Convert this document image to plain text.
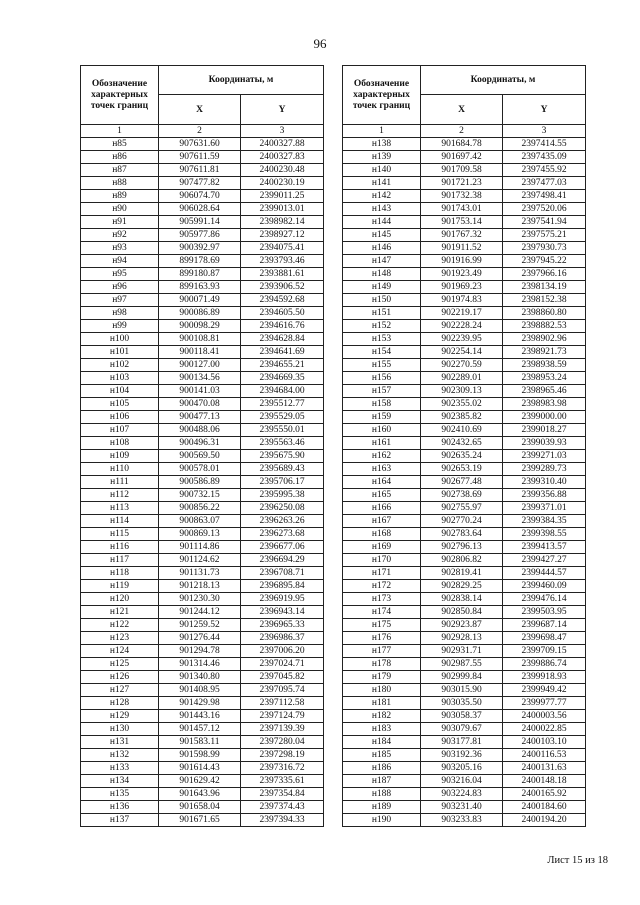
96
Обозначение характерных точек границ	Координаты, м			Обозначение характерных точек границ	Координаты, м	
	X	Y			X	Y
1	2	3		1	2	3
н85	907631.60	2400327.88		н138	901684.78	2397414.55
н86	907611.59	2400327.83		н139	901697.42	2397435.09
н87	907611.81	2400230.48		н140	901709.58	2397455.92
н88	907477.82	2400230.19		н141	901721.23	2397477.03
н89	906074.70	2399011.25		н142	901732.38	2397498.41
н90	906028.64	2399013.01		н143	901743.01	2397520.06
н91	905991.14	2398982.14		н144	901753.14	2397541.94
н92	905977.86	2398927.12		н145	901767.32	2397575.21
н93	900392.97	2394075.41		н146	901911.52	2397930.73
н94	899178.69	2393793.46		н147	901916.99	2397945.22
н95	899180.87	2393881.61		н148	901923.49	2397966.16
н96	899163.93	2393906.52		н149	901969.23	2398134.19
н97	900071.49	2394592.68		н150	901974.83	2398152.38
н98	900086.89	2394605.50		н151	902219.17	2398860.80
н99	900098.29	2394616.76		н152	902228.24	2398882.53
н100	900108.81	2394628.84		н153	902239.95	2398902.96
н101	900118.41	2394641.69		н154	902254.14	2398921.73
н102	900127.00	2394655.21		н155	902270.59	2398938.59
н103	900134.56	2394669.35		н156	902289.01	2398953.24
н104	900141.03	2394684.00		н157	902309.13	2398965.46
н105	900470.08	2395512.77		н158	902355.02	2398983.98
н106	900477.13	2395529.05		н159	902385.82	2399000.00
н107	900488.06	2395550.01		н160	902410.69	2399018.27
н108	900496.31	2395563.46		н161	902432.65	2399039.93
н109	900569.50	2395675.90		н162	902635.24	2399271.03
н110	900578.01	2395689.43		н163	902653.19	2399289.73
н111	900586.89	2395706.17		н164	902677.48	2399310.40
н112	900732.15	2395995.38		н165	902738.69	2399356.88
н113	900856.22	2396250.08		н166	902755.97	2399371.01
н114	900863.07	2396263.26		н167	902770.24	2399384.35
н115	900869.13	2396273.68		н168	902783.64	2399398.55
н116	901114.86	2396677.06		н169	902796.13	2399413.57
н117	901124.62	2396694.29		н170	902806.82	2399427.27
н118	901131.73	2396708.71		н171	902819.41	2399444.57
н119	901218.13	2396895.84		н172	902829.25	2399460.09
н120	901230.30	2396919.95		н173	902838.14	2399476.14
н121	901244.12	2396943.14		н174	902850.84	2399503.95
н122	901259.52	2396965.33		н175	902923.87	2399687.14
н123	901276.44	2396986.37		н176	902928.13	2399698.47
н124	901294.78	2397006.20		н177	902931.71	2399709.15
н125	901314.46	2397024.71		н178	902987.55	2399886.74
н126	901340.80	2397045.82		н179	902999.84	2399918.93
н127	901408.95	2397095.74		н180	903015.90	2399949.42
н128	901429.98	2397112.58		н181	903035.50	2399977.77
н129	901443.16	2397124.79		н182	903058.37	2400003.56
н130	901457.12	2397139.39		н183	903079.67	2400022.85
н131	901583.11	2397280.04		н184	903177.81	2400103.10
н132	901598.99	2397298.19		н185	903192.36	2400116.53
н133	901614.43	2397316.72		н186	903205.16	2400131.63
н134	901629.42	2397335.61		н187	903216.04	2400148.18
н135	901643.96	2397354.84		н188	903224.83	2400165.92
н136	901658.04	2397374.43		н189	903231.40	2400184.60
н137	901671.65	2397394.33		н190	903233.83	2400194.20
Лист 15 из 18
